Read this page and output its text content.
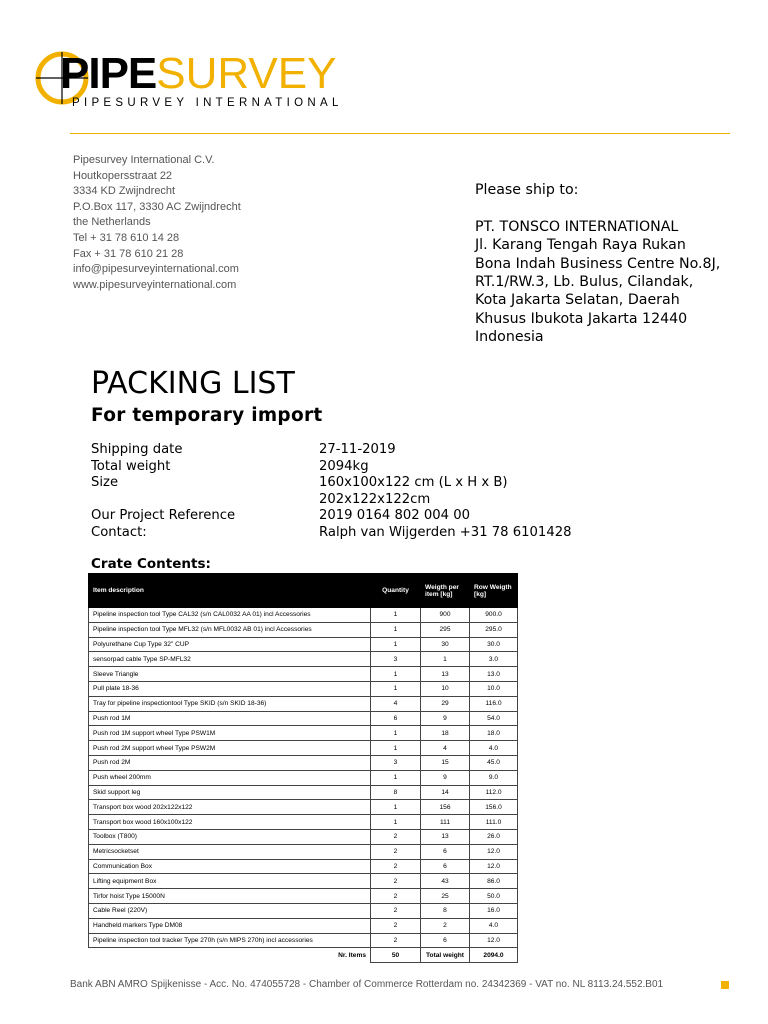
PIPESURVEY
PIPESURVEY INTERNATIONAL
Pipesurvey International C.V.
Houtkopersstraat 22
3334 KD Zwijndrecht
P.O.Box 117, 3330 AC Zwijndrecht
the Netherlands
Tel + 31 78 610 14 28
Fax + 31 78 610 21 28
info@pipesurveyinternational.com
www.pipesurveyinternational.com
Please ship to:
PT. TONSCO INTERNATIONAL
Jl. Karang Tengah Raya Rukan
Bona Indah Business Centre No.8J,
RT.1/RW.3, Lb. Bulus, Cilandak,
Kota Jakarta Selatan, Daerah
Khusus Ibukota Jakarta 12440
Indonesia
PACKING LIST
For temporary import
Shipping date	27-11-2019
Total weight	2094kg
Size	160x100x122 cm (L x H x B)
202x122x122cm
Our Project Reference	2019 0164 802 004 00
Contact:	Ralph van Wijgerden +31 78 6101428
Crate Contents:
Item description	Quantity	Weigth per item [kg]	Row Weigth [kg]
Pipeline inspection tool Type CAL32 (s/n CAL0032 AA 01) incl Accessories	1	900	900.0
Pipeline inspection tool Type MFL32 (s/n MFL0032 AB 01) incl Accessories	1	295	295.0
Polyurethane Cup Type 32" CUP	1	30	30.0
sensorpad cable Type SP-MFL32	3	1	3.0
Sleeve Triangle	1	13	13.0
Pull plate 18-36	1	10	10.0
Tray for pipeline inspectiontool Type SKID (s/n SKID 18-36)	4	29	116.0
Push rod 1M	6	9	54.0
Push rod 1M support wheel Type PSW1M	1	18	18.0
Push rod 2M support wheel Type PSW2M	1	4	4.0
Push rod 2M	3	15	45.0
Push wheel 200mm	1	9	9.0
Skid support leg	8	14	112.0
Transport box wood 202x122x122	1	156	156.0
Transport box wood 160x100x122	1	111	111.0
Toolbox (T800)	2	13	26.0
Metricsocketset	2	6	12.0
Communication Box	2	6	12.0
Lifting equipment Box	2	43	86.0
Tirfor hoist Type 15000N	2	25	50.0
Cable Reel (220V)	2	8	16.0
Handheld markers Type DM08	2	2	4.0
Pipeline inspection tool tracker Type 270h (s/n MIPS 270h) incl accessories	2	6	12.0
Nr. Items	50	Total weight	2094.0
Bank ABN AMRO Spijkenisse - Acc. No. 474055728 - Chamber of Commerce Rotterdam no. 24342369 - VAT no. NL 8113.24.552.B01
